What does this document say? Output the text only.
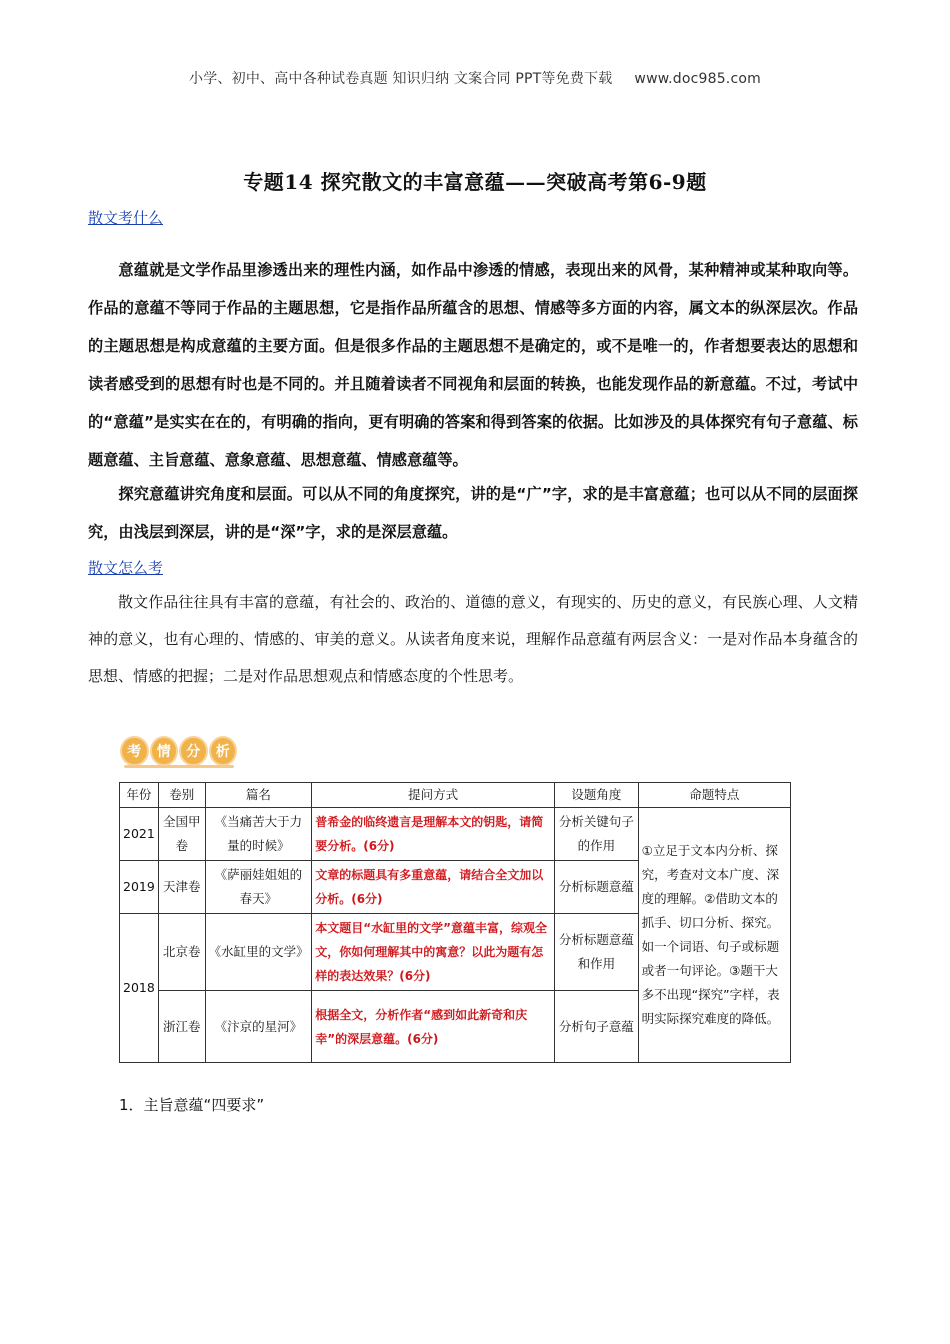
小学、初中、高中各种试卷真题 知识归纳 文案合同 PPT等免费下载 www.doc985.com
专题14 探究散文的丰富意蕴——突破高考第6-9题
散文考什么
意蕴就是文学作品里渗透出来的理性内涵，如作品中渗透的情感，表现出来的风骨，某种精神或某种取向等。作品的意蕴不等同于作品的主题思想，它是指作品所蕴含的思想、情感等多方面的内容，属文本的纵深层次。作品的主题思想是构成意蕴的主要方面。但是很多作品的主题思想不是确定的，或不是唯一的，作者想要表达的思想和读者感受到的思想有时也是不同的。并且随着读者不同视角和层面的转换，也能发现作品的新意蕴。不过，考试中的“意蕴”是实实在在的，有明确的指向，更有明确的答案和得到答案的依据。比如涉及的具体探究有句子意蕴、标题意蕴、主旨意蕴、意象意蕴、思想意蕴、情感意蕴等。
探究意蕴讲究角度和层面。可以从不同的角度探究，讲的是“广”字，求的是丰富意蕴；也可以从不同的层面探究，由浅层到深层，讲的是“深”字，求的是深层意蕴。
散文怎么考
散文作品往往具有丰富的意蕴，有社会的、政治的、道德的意义，有现实的、历史的意义，有民族心理、人文精神的意义，也有心理的、情感的、审美的意义。从读者角度来说，理解作品意蕴有两层含义：一是对作品本身蕴含的思想、情感的把握；二是对作品思想观点和情感态度的个性思考。
考	情	分	析
年份	卷别	篇名	提问方式	设题角度	命题特点
2021	全国甲卷	《当痛苦大于力量的时候》	普希金的临终遗言是理解本文的钥匙，请简要分析。(6分)	分析关键句子的作用	①立足于文本内分析、探究，考查对文本广度、深度的理解。②借助文本的抓手、切口分析、探究。如一个词语、句子或标题或者一句评论。③题干大多不出现“探究”字样，表明实际探究难度的降低。
2019	天津卷	《萨丽娃姐姐的春天》	文章的标题具有多重意蕴，请结合全文加以分析。(6分)	分析标题意蕴	
2018	北京卷	《水缸里的文学》	本文题目“水缸里的文学”意蕴丰富，综观全文，你如何理解其中的寓意？以此为题有怎样的表达效果？(6分)	分析标题意蕴和作用	
	浙江卷	《汴京的星河》	根据全文，分析作者“感到如此新奇和庆幸”的深层意蕴。(6分)	分析句子意蕴	
1．主旨意蕴“四要求”
